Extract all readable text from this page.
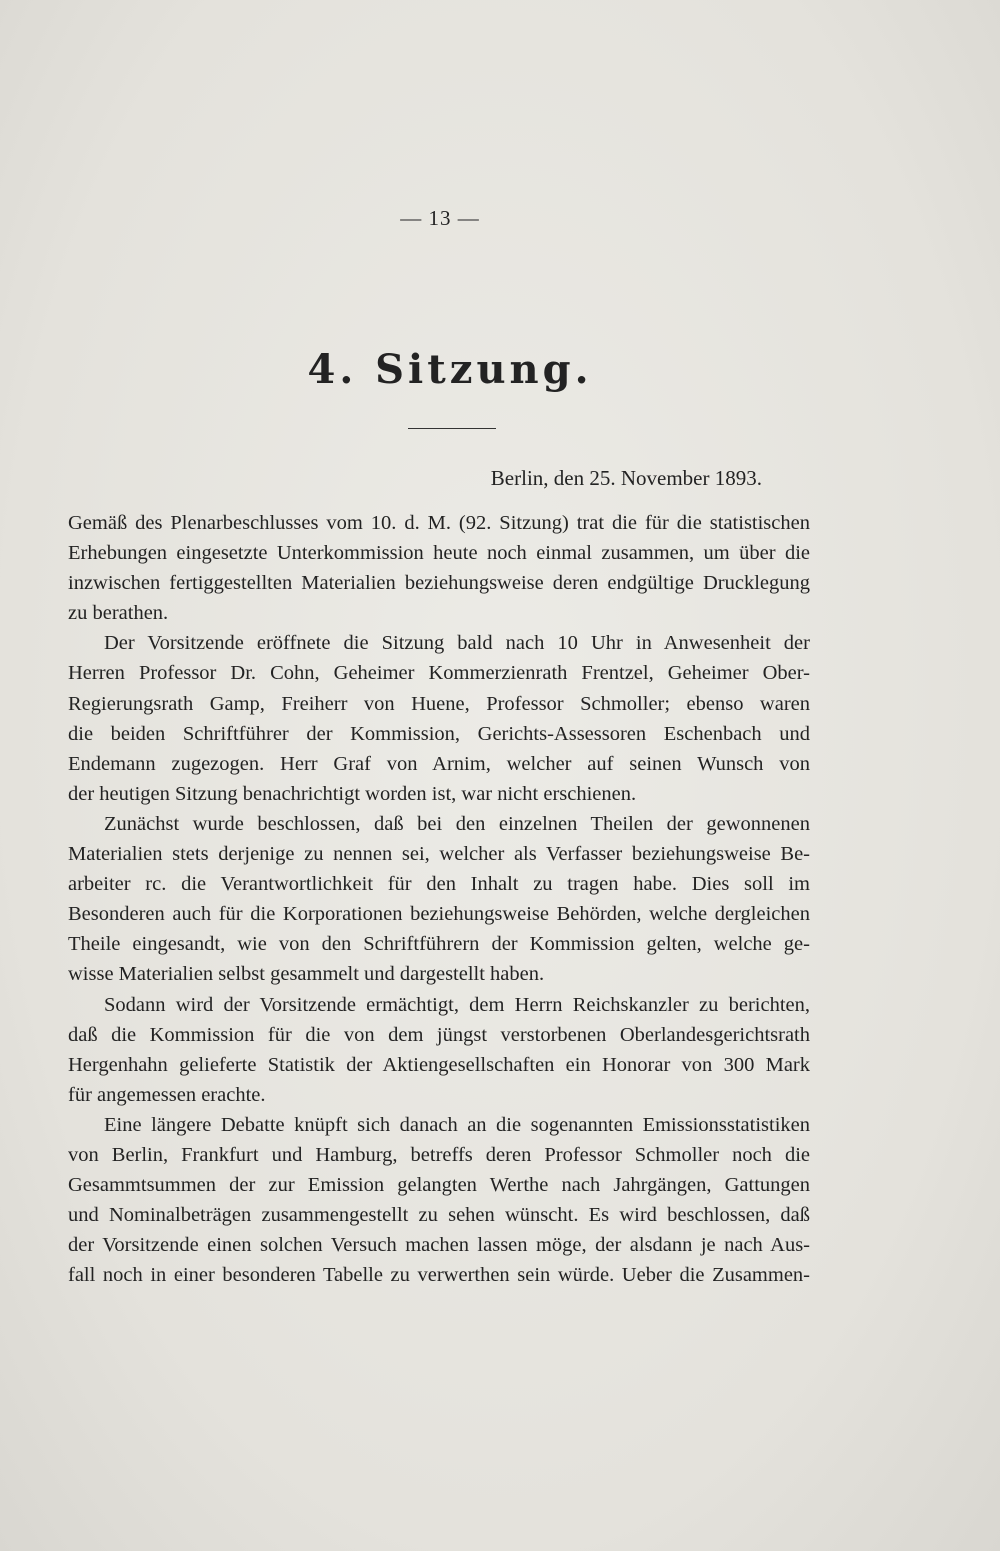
— 13 —
4. Sitzung.
Berlin, den 25. November 1893.

Gemäß des Plenarbeschlusses vom 10. d. M. (92. Sitzung) trat die für die statistischen
Erhebungen eingesetzte Unterkommission heute noch einmal zusammen, um über die
inzwischen fertiggestellten Materialien beziehungsweise deren endgültige Drucklegung
zu berathen.

Der Vorsitzende eröffnete die Sitzung bald nach 10 Uhr in Anwesenheit der
Herren Professor Dr. Cohn, Geheimer Kommerzienrath Frentzel, Geheimer Ober-
Regierungsrath Gamp, Freiherr von Huene, Professor Schmoller; ebenso waren
die beiden Schriftführer der Kommission, Gerichts-Assessoren Eschenbach und
Endemann zugezogen. Herr Graf von Arnim, welcher auf seinen Wunsch von
der heutigen Sitzung benachrichtigt worden ist, war nicht erschienen.

Zunächst wurde beschlossen, daß bei den einzelnen Theilen der gewonnenen
Materialien stets derjenige zu nennen sei, welcher als Verfasser beziehungsweise Be-
arbeiter rc. die Verantwortlichkeit für den Inhalt zu tragen habe. Dies soll im
Besonderen auch für die Korporationen beziehungsweise Behörden, welche dergleichen
Theile eingesandt, wie von den Schriftführern der Kommission gelten, welche ge-
wisse Materialien selbst gesammelt und dargestellt haben.

Sodann wird der Vorsitzende ermächtigt, dem Herrn Reichskanzler zu berichten,
daß die Kommission für die von dem jüngst verstorbenen Oberlandesgerichtsrath
Hergenhahn gelieferte Statistik der Aktiengesellschaften ein Honorar von 300 Mark
für angemessen erachte.

Eine längere Debatte knüpft sich danach an die sogenannten Emissionsstatistiken
von Berlin, Frankfurt und Hamburg, betreffs deren Professor Schmoller noch die
Gesammtsummen der zur Emission gelangten Werthe nach Jahrgängen, Gattungen
und Nominalbeträgen zusammengestellt zu sehen wünscht. Es wird beschlossen, daß
der Vorsitzende einen solchen Versuch machen lassen möge, der alsdann je nach Aus-
fall noch in einer besonderen Tabelle zu verwerthen sein würde. Ueber die Zusammen-
